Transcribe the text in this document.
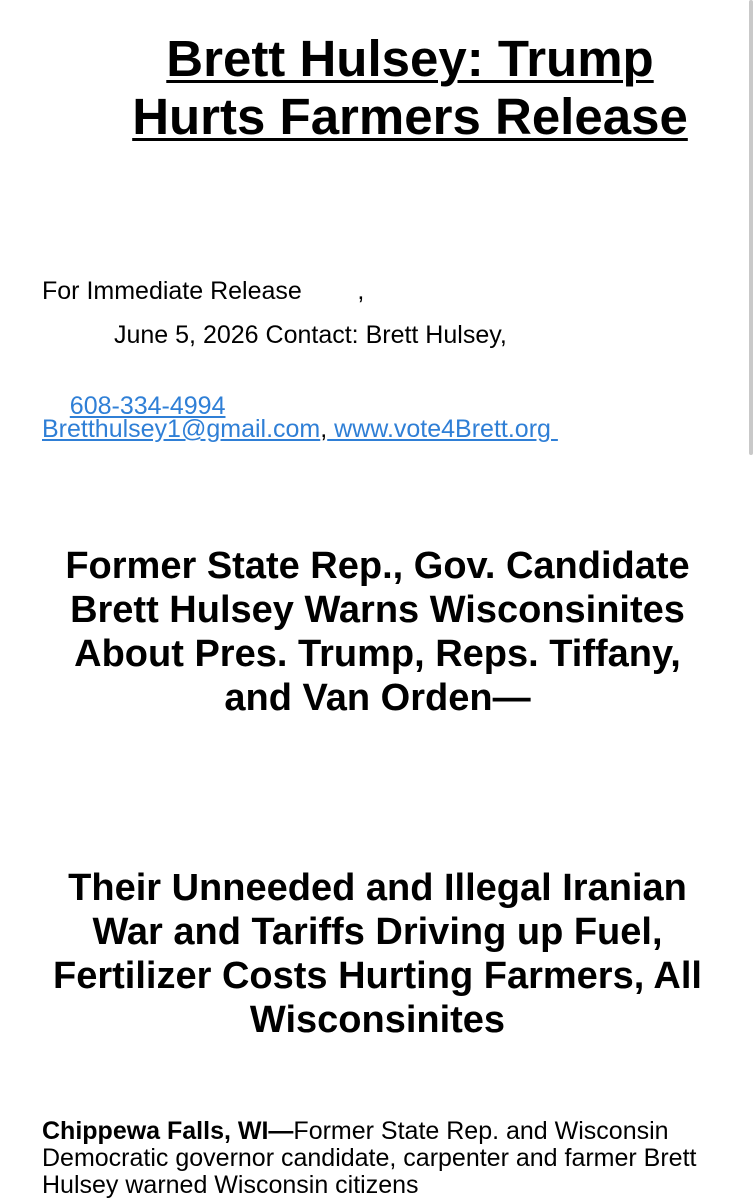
Brett Hulsey: Trump Hurts Farmers Release
For Immediate Release        ,
June 5, 2026 Contact: Brett Hulsey,

608-334-4994

Bretthulsey1@gmail.com, www.vote4Brett.org
Former State Rep., Gov. Candidate Brett Hulsey Warns Wisconsinites About Pres. Trump, Reps. Tiffany, and Van Orden—
Their Unneeded and Illegal Iranian War and Tariffs Driving up Fuel, Fertilizer Costs Hurting Farmers, All Wisconsinites

Chippewa Falls, WI—Former State Rep. and Wisconsin Democratic governor candidate, carpenter and farmer Brett Hulsey warned Wisconsin citizens
